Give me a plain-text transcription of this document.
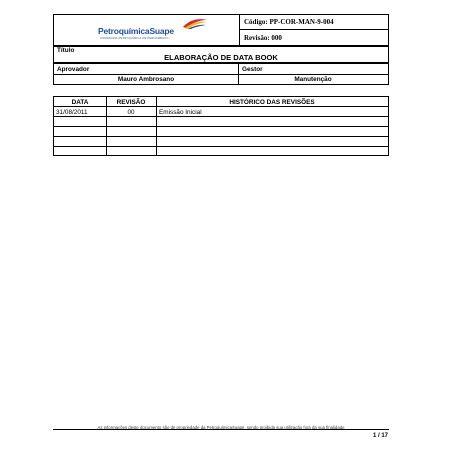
PetroquímicaSuape
COMPANHIA PETROQUÍMICA DE PERNAMBUCO
Código: PP-COR-MAN-9-004
Revisão: 000
Título
ELABORAÇÃO DE DATA BOOK
Aprovador	Gestor
Mauro Ambrosano	Manutenção
DATA	REVISÃO	HISTÓRICO DAS REVISÕES
31/08/2011	00	Emissão Inicial
As informações deste documento são de propriedade da PetroquímicaSuape, sendo proibida sua utilização fora da sua finalidade
1 / 17
